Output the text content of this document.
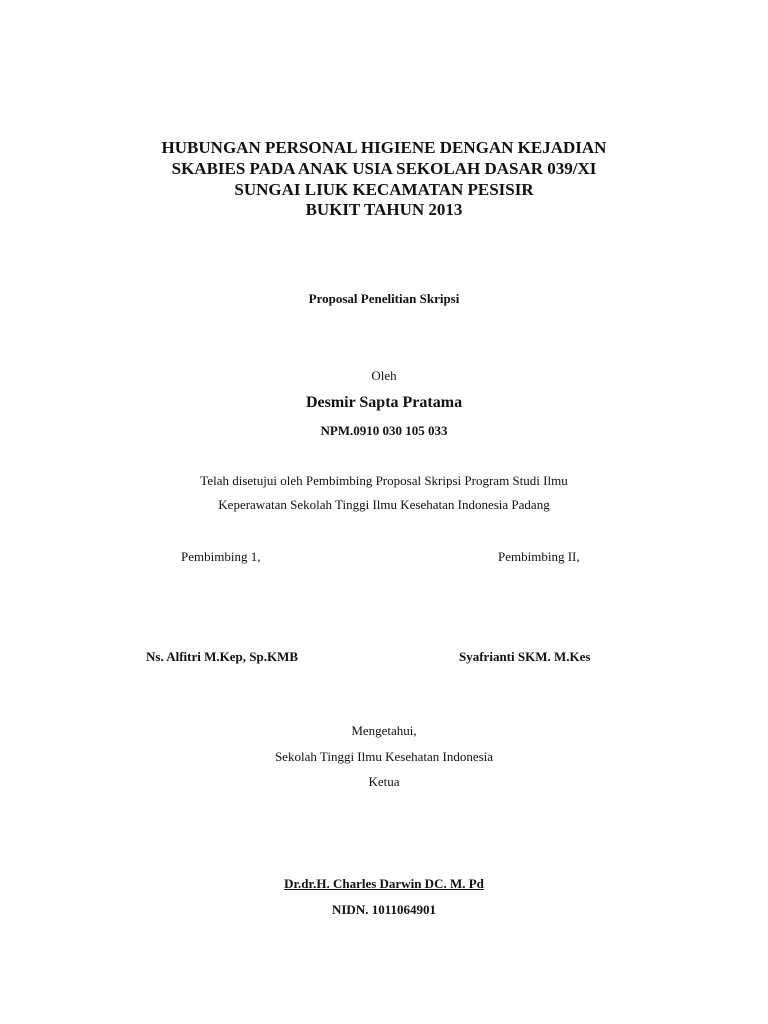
HUBUNGAN PERSONAL HIGIENE DENGAN KEJADIAN
SKABIES PADA ANAK USIA SEKOLAH DASAR 039/XI
SUNGAI LIUK KECAMATAN PESISIR
BUKIT TAHUN 2013
Proposal Penelitian Skripsi
Oleh
Desmir Sapta Pratama
NPM.0910 030 105 033
Telah disetujui oleh Pembimbing Proposal Skripsi Program Studi Ilmu
Keperawatan Sekolah Tinggi Ilmu Kesehatan Indonesia Padang
Pembimbing 1,	Pembimbing II,
Ns. Alfitri M.Kep, Sp.KMB	Syafrianti SKM. M.Kes
Mengetahui,
Sekolah Tinggi Ilmu Kesehatan Indonesia
Ketua
Dr.dr.H. Charles Darwin DC. M. Pd
NIDN. 1011064901
